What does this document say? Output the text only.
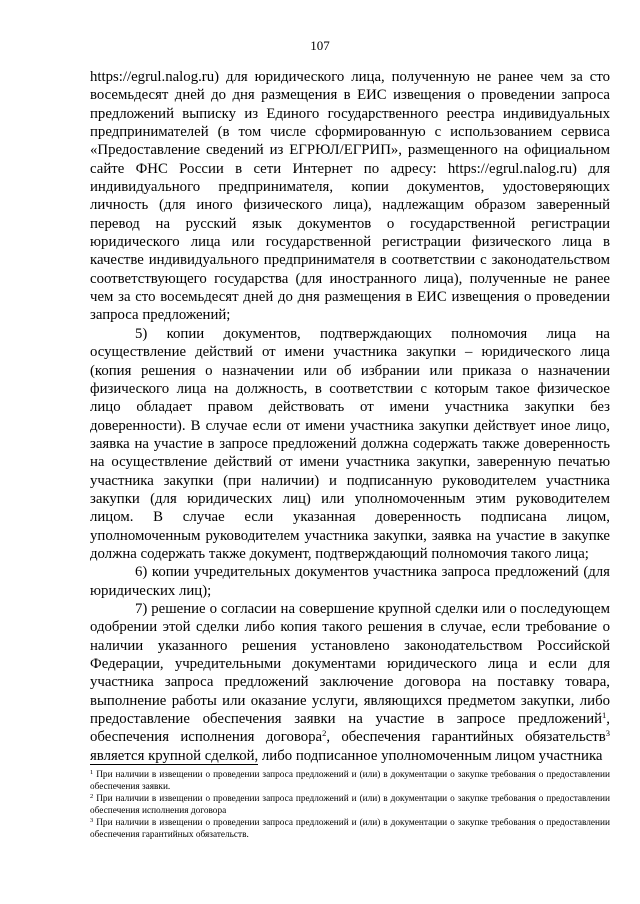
107

https://egrul.nalog.ru) для юридического лица, полученную не ранее чем за сто восемьдесят дней до дня размещения в ЕИС извещения о проведении запроса предложений выписку из Единого государственного реестра индивидуальных предпринимателей (в том числе сформированную с использованием сервиса «Предоставление сведений из ЕГРЮЛ/ЕГРИП», размещенного на официальном сайте ФНС России в сети Интернет по адресу: https://egrul.nalog.ru) для индивидуального предпринимателя, копии документов, удостоверяющих личность (для иного физического лица), надлежащим образом заверенный перевод на русский язык документов о государственной регистрации юридического лица или государственной регистрации физического лица в качестве индивидуального предпринимателя в соответствии с законодательством соответствующего государства (для иностранного лица), полученные не ранее чем за сто восемьдесят дней до дня размещения в ЕИС извещения о проведении запроса предложений;

5) копии документов, подтверждающих полномочия лица на осуществление действий от имени участника закупки – юридического лица (копия решения о назначении или об избрании или приказа о назначении физического лица на должность, в соответствии с которым такое физическое лицо обладает правом действовать от имени участника закупки без доверенности). В случае если от имени участника закупки действует иное лицо, заявка на участие в запросе предложений должна содержать также доверенность на осуществление действий от имени участника закупки, заверенную печатью участника закупки (при наличии) и подписанную руководителем участника закупки (для юридических лиц) или уполномоченным этим руководителем лицом. В случае если указанная доверенность подписана лицом, уполномоченным руководителем участника закупки, заявка на участие в закупке должна содержать также документ, подтверждающий полномочия такого лица;

6) копии учредительных документов участника запроса предложений (для юридических лиц);

7) решение о согласии на совершение крупной сделки или о последующем одобрении этой сделки либо копия такого решения в случае, если требование о наличии указанного решения установлено законодательством Российской Федерации, учредительными документами юридического лица и если для участника запроса предложений заключение договора на поставку товара, выполнение работы или оказание услуги, являющихся предметом закупки, либо предоставление обеспечения заявки на участие в запросе предложений$^1$, обеспечения исполнения договора$^2$, обеспечения гарантийных обязательств$^3$ является крупной сделкой, либо подписанное уполномоченным лицом участника

$^1$ При наличии в извещении о проведении запроса предложений и (или) в документации о закупке требования о предоставлении обеспечения заявки.

$^2$ При наличии в извещении о проведении запроса предложений и (или) в документации о закупке требования о предоставлении обеспечения исполнения договора

$^3$ При наличии в извещении о проведении запроса предложений и (или) в документации о закупке требования о предоставлении обеспечения гарантийных обязательств.
